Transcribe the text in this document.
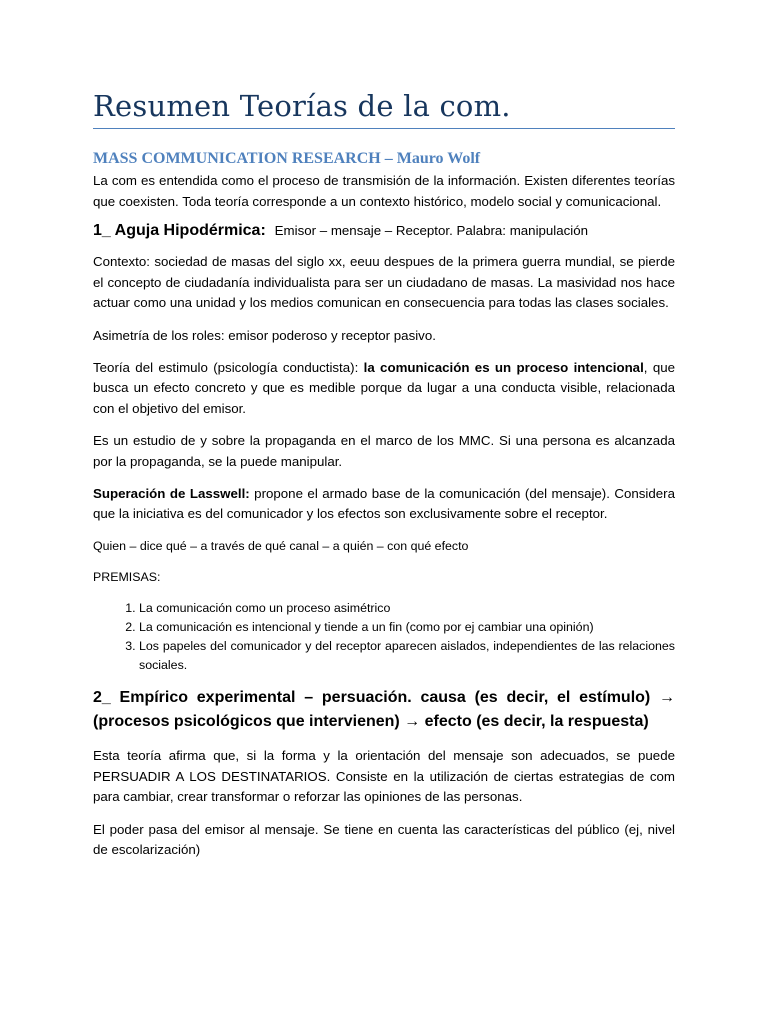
Resumen Teorías de la com.
MASS COMMUNICATION RESEARCH – Mauro Wolf

La com es entendida como el proceso de transmisión de la información. Existen diferentes teorías que coexisten. Toda teoría corresponde a un contexto histórico, modelo social y comunicacional.

1_ Aguja Hipodérmica: Emisor – mensaje – Receptor. Palabra: manipulación

Contexto: sociedad de masas del siglo xx, eeuu despues de la primera guerra mundial, se pierde el concepto de ciudadanía individualista para ser un ciudadano de masas. La masividad nos hace actuar como una unidad y los medios comunican en consecuencia para todas las clases sociales.

Asimetría de los roles: emisor poderoso y receptor pasivo.

Teoría del estimulo (psicología conductista): la comunicación es un proceso intencional, que busca un efecto concreto y que es medible porque da lugar a una conducta visible, relacionada con el objetivo del emisor.

Es un estudio de y sobre la propaganda en el marco de los MMC. Si una persona es alcanzada por la propaganda, se la puede manipular.

Superación de Lasswell: propone el armado base de la comunicación (del mensaje). Considera que la iniciativa es del comunicador y los efectos son exclusivamente sobre el receptor.

Quien – dice qué – a través de qué canal – a quién – con qué efecto

PREMISAS:

1. La comunicación como un proceso asimétrico
2. La comunicación es intencional y tiende a un fin (como por ej cambiar una opinión)
3. Los papeles del comunicador y del receptor aparecen aislados, independientes de las relaciones sociales.

2_ Empírico experimental – persuación. causa (es decir, el estímulo) → (procesos psicológicos que intervienen) → efecto (es decir, la respuesta)

Esta teoría afirma que, si la forma y la orientación del mensaje son adecuados, se puede PERSUADIR A LOS DESTINATARIOS. Consiste en la utilización de ciertas estrategias de com para cambiar, crear transformar o reforzar las opiniones de las personas.

El poder pasa del emisor al mensaje. Se tiene en cuenta las características del público (ej, nivel de escolarización)
